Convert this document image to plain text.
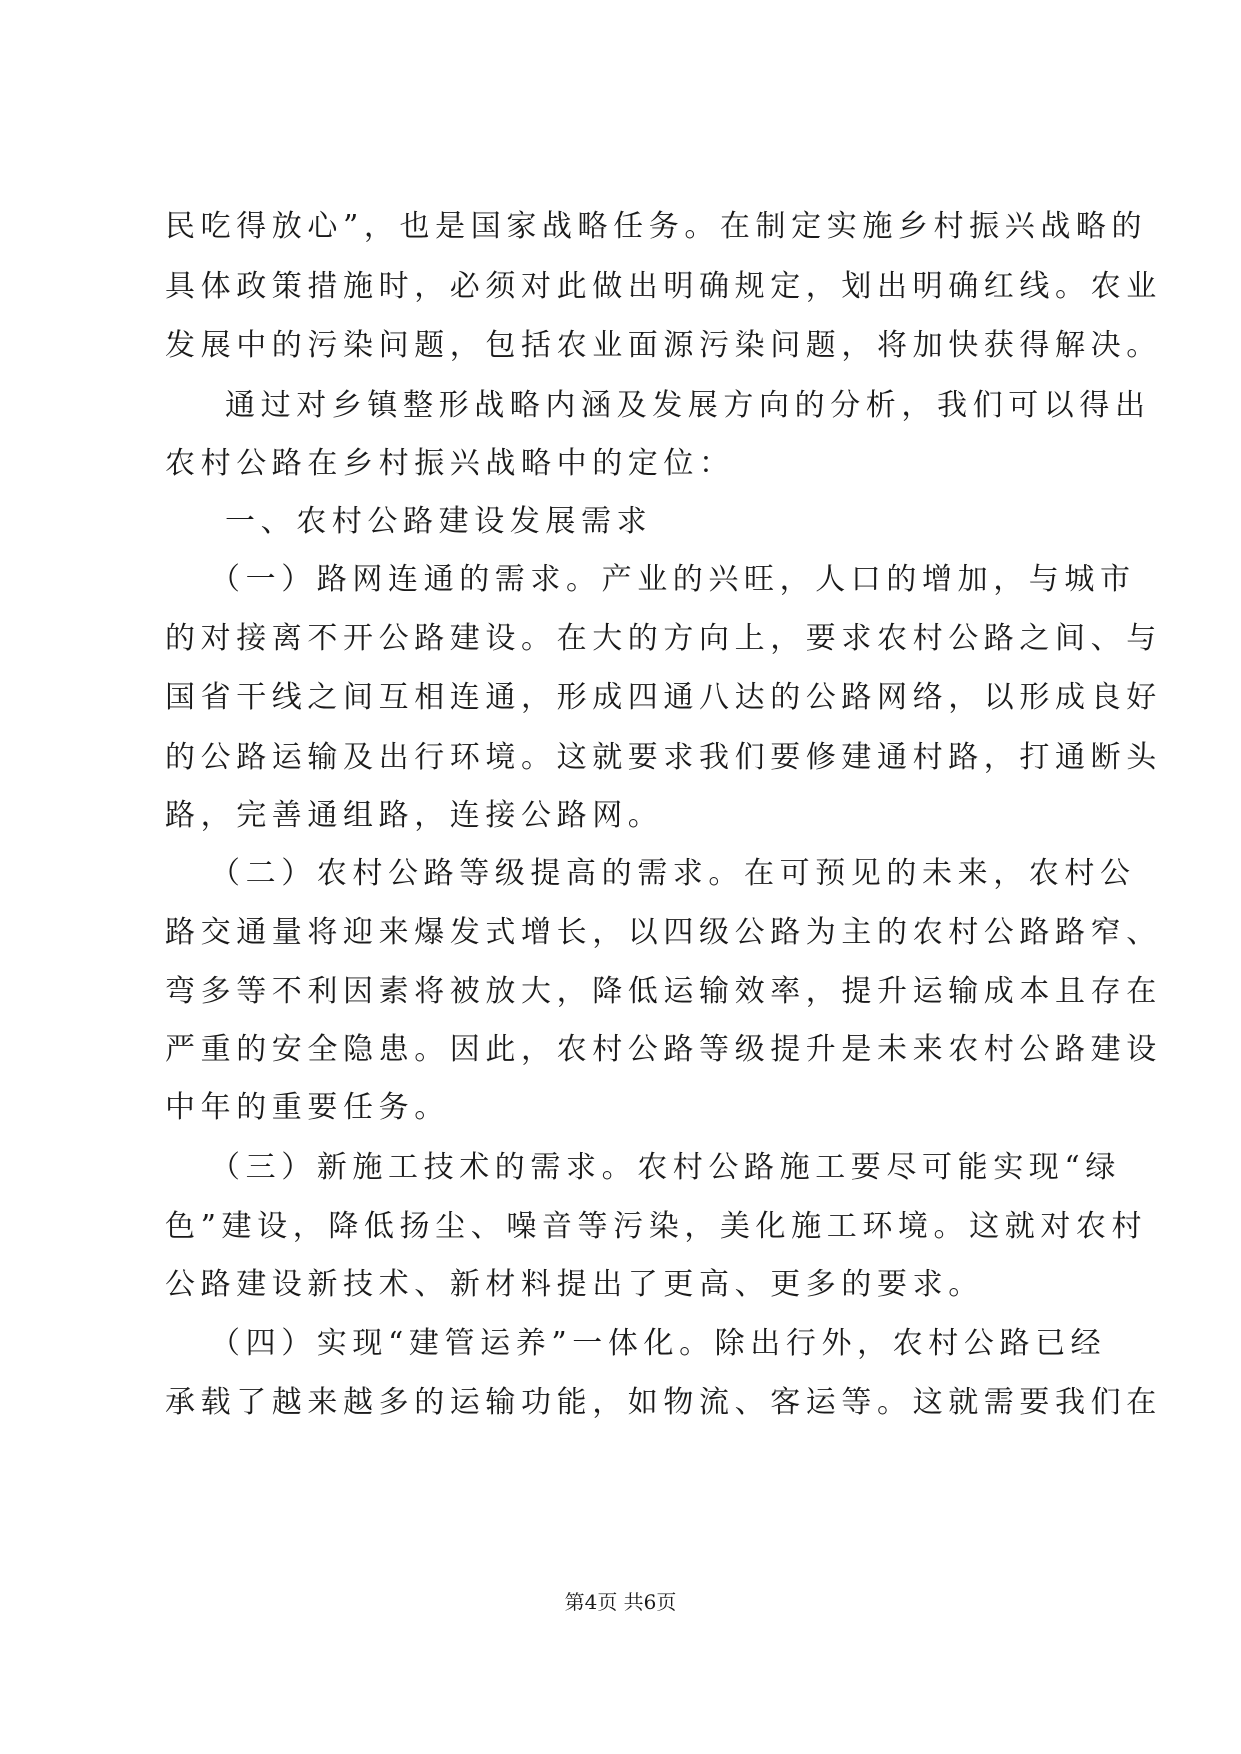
民吃得放心”，也是国家战略任务。在制定实施乡村振兴战略的
具体政策措施时，必须对此做出明确规定，划出明确红线。农业
发展中的污染问题，包括农业面源污染问题，将加快获得解决。
通过对乡镇整形战略内涵及发展方向的分析，我们可以得出
农村公路在乡村振兴战略中的定位：
一、农村公路建设发展需求
（一）路网连通的需求。产业的兴旺，人口的增加，与城市
的对接离不开公路建设。在大的方向上，要求农村公路之间、与
国省干线之间互相连通，形成四通八达的公路网络，以形成良好
的公路运输及出行环境。这就要求我们要修建通村路，打通断头
路，完善通组路，连接公路网。
（二）农村公路等级提高的需求。在可预见的未来，农村公
路交通量将迎来爆发式增长，以四级公路为主的农村公路路窄、
弯多等不利因素将被放大，降低运输效率，提升运输成本且存在
严重的安全隐患。因此，农村公路等级提升是未来农村公路建设
中年的重要任务。
（三）新施工技术的需求。农村公路施工要尽可能实现“绿
色”建设，降低扬尘、噪音等污染，美化施工环境。这就对农村
公路建设新技术、新材料提出了更高、更多的要求。
（四）实现“建管运养”一体化。除出行外，农村公路已经
承载了越来越多的运输功能，如物流、客运等。这就需要我们在
第4页 共6页
